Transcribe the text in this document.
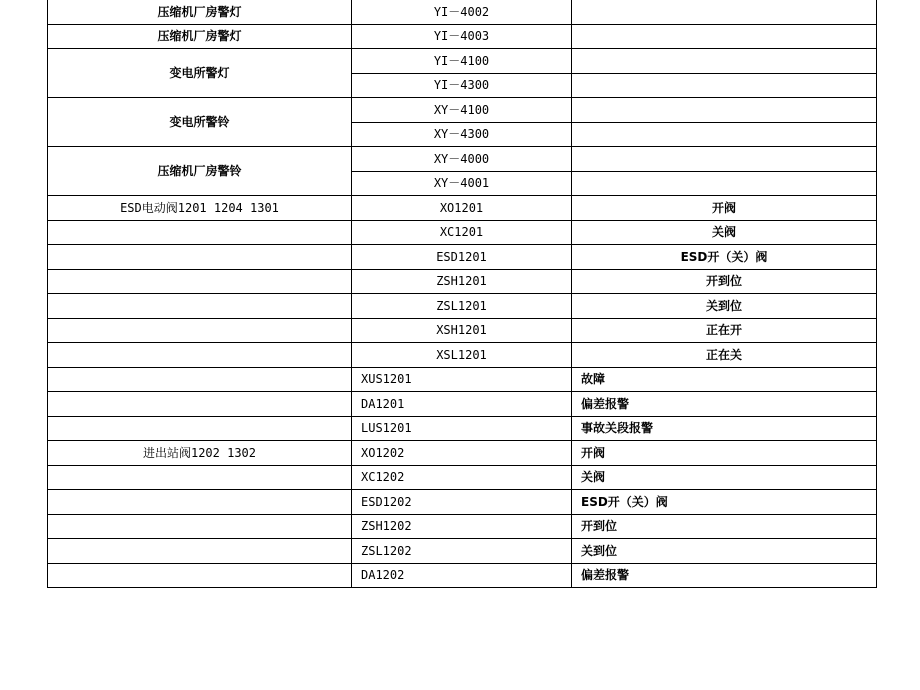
压缩机厂房警灯	YI－4002	
压缩机厂房警灯	YI－4003	
变电所警灯	YI－4100	
	YI－4300	
变电所警铃	XY－4100	
	XY－4300	
压缩机厂房警铃	XY－4000	
	XY－4001	
ESD电动阀1201 1204 1301	XO1201	开阀
	XC1201	关阀
	ESD1201	ESD开（关）阀
	ZSH1201	开到位
	ZSL1201	关到位
	XSH1201	正在开
	XSL1201	正在关
	XUS1201	故障
	DA1201	偏差报警
	LUS1201	事故关段报警
进出站阀1202 1302	XO1202	开阀
	XC1202	关阀
	ESD1202	ESD开（关）阀
	ZSH1202	开到位
	ZSL1202	关到位
	DA1202	偏差报警
